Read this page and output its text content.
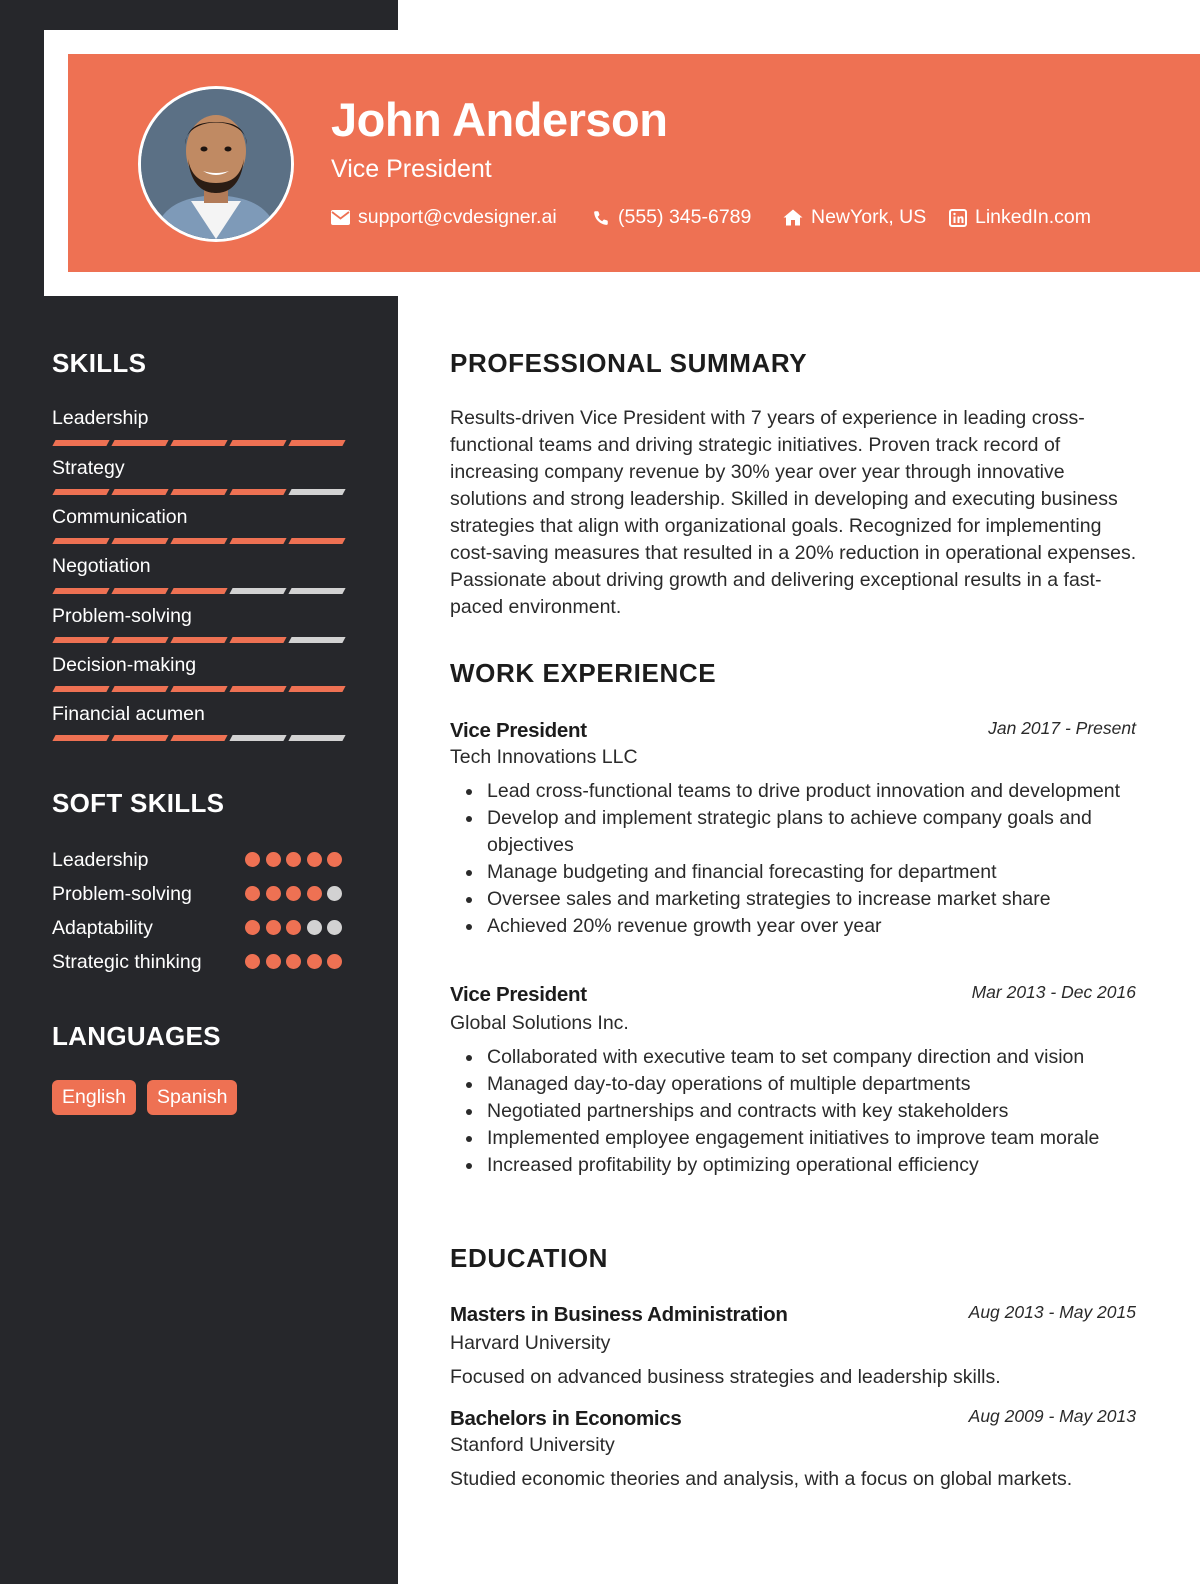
John Anderson
Vice President
support@cvdesigner.ai	(555) 345-6789	NewYork, US	LinkedIn.com
SKILLS
Leadership
Strategy
Communication
Negotiation
Problem-solving
Decision-making
Financial acumen
SOFT SKILLS
Leadership
Problem-solving
Adaptability
Strategic thinking
LANGUAGES
English	Spanish
PROFESSIONAL SUMMARY

Results-driven Vice President with 7 years of experience in leading cross-functional teams and driving strategic initiatives. Proven track record of increasing company revenue by 30% year over year through innovative solutions and strong leadership. Skilled in developing and executing business strategies that align with organizational goals. Recognized for implementing cost-saving measures that resulted in a 20% reduction in operational expenses. Passionate about driving growth and delivering exceptional results in a fast-paced environment.

WORK EXPERIENCE
Vice President	Jan 2017 - Present
Tech Innovations LLC
Lead cross-functional teams to drive product innovation and development
Develop and implement strategic plans to achieve company goals and objectives
Manage budgeting and financial forecasting for department
Oversee sales and marketing strategies to increase market share
Achieved 20% revenue growth year over year
Vice President	Mar 2013 - Dec 2016
Global Solutions Inc.
Collaborated with executive team to set company direction and vision
Managed day-to-day operations of multiple departments
Negotiated partnerships and contracts with key stakeholders
Implemented employee engagement initiatives to improve team morale
Increased profitability by optimizing operational efficiency
EDUCATION
Masters in Business Administration	Aug 2013 - May 2015
Harvard University
Focused on advanced business strategies and leadership skills.
Bachelors in Economics	Aug 2009 - May 2013
Stanford University
Studied economic theories and analysis, with a focus on global markets.
